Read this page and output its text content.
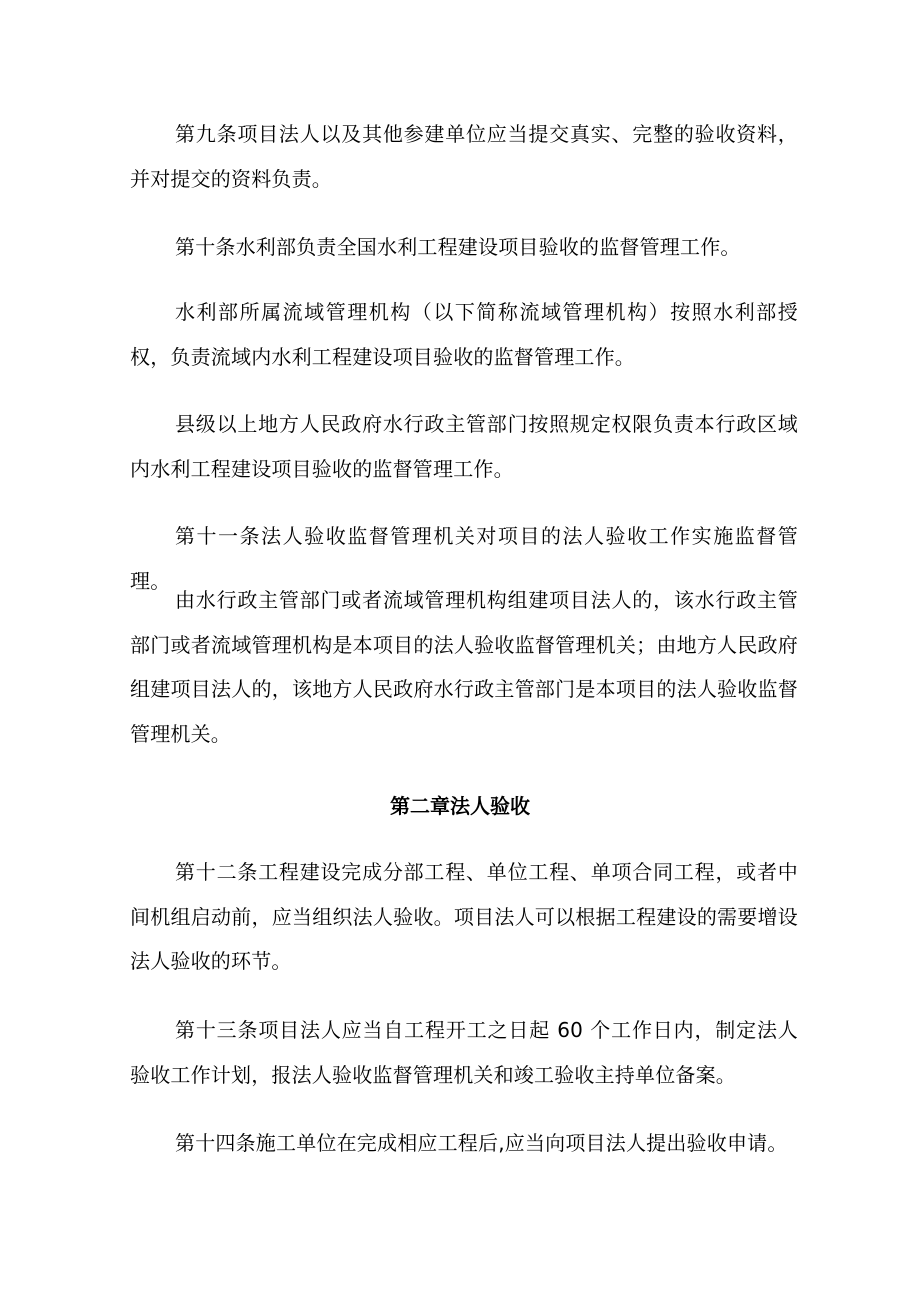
第九条项目法人以及其他参建单位应当提交真实、完整的验收资料，并对提交的资料负责。

第十条水利部负责全国水利工程建设项目验收的监督管理工作。

水利部所属流域管理机构（以下简称流域管理机构）按照水利部授权，负责流域内水利工程建设项目验收的监督管理工作。

县级以上地方人民政府水行政主管部门按照规定权限负责本行政区域内水利工程建设项目验收的监督管理工作。

第十一条法人验收监督管理机关对项目的法人验收工作实施监督管理。

由水行政主管部门或者流域管理机构组建项目法人的，该水行政主管部门或者流域管理机构是本项目的法人验收监督管理机关；由地方人民政府组建项目法人的，该地方人民政府水行政主管部门是本项目的法人验收监督管理机关。

第二章法人验收

第十二条工程建设完成分部工程、单位工程、单项合同工程，或者中间机组启动前，应当组织法人验收。项目法人可以根据工程建设的需要增设法人验收的环节。

第十三条项目法人应当自工程开工之日起 60 个工作日内，制定法人验收工作计划，报法人验收监督管理机关和竣工验收主持单位备案。

第十四条施工单位在完成相应工程后,应当向项目法人提出验收申请。
